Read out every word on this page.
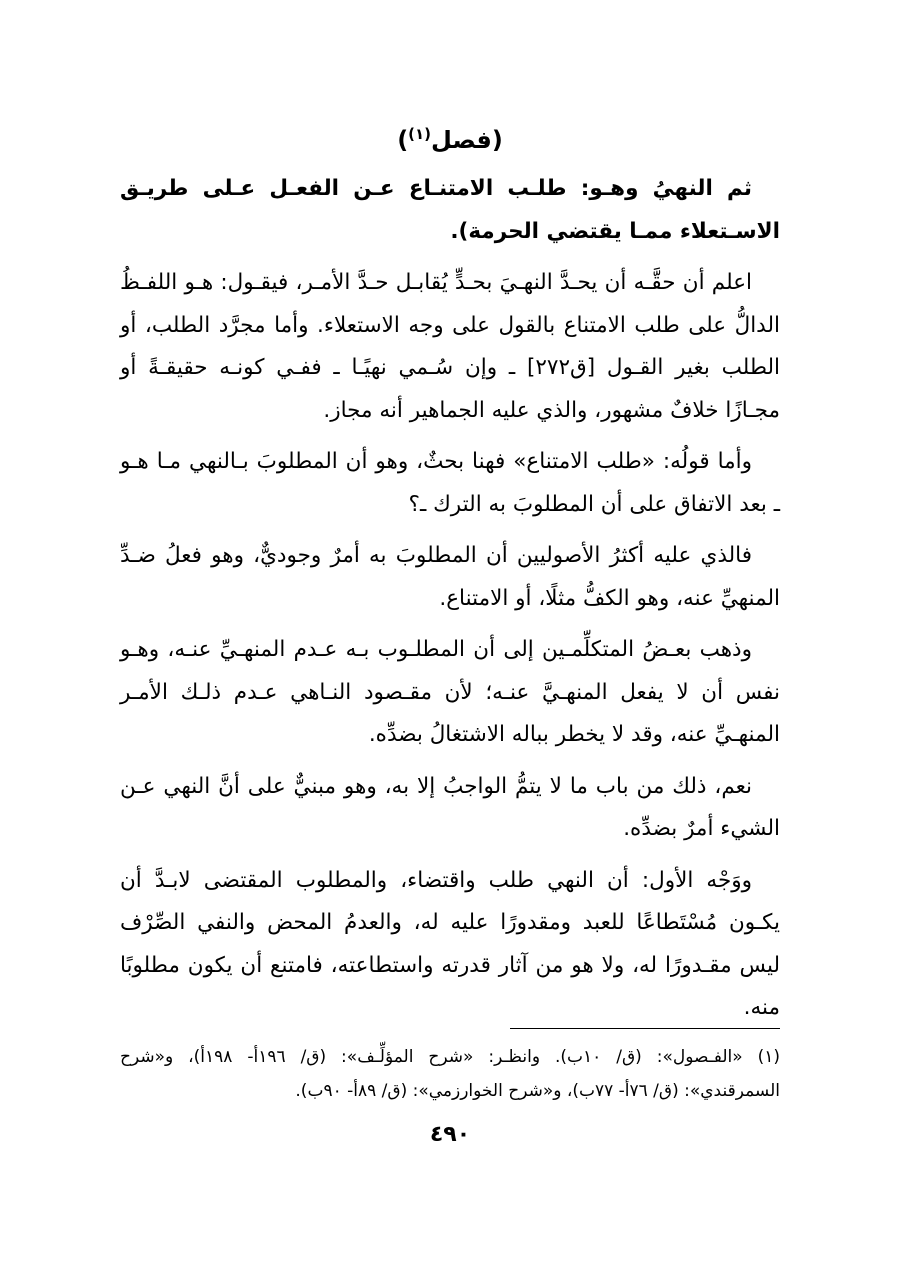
(فصل$^{(١)}$)

ثم النهيُ وهـو: طلـب الامتنـاع عـن الفعـل عـلى طريـق الاسـتعلاء ممـا يقتضي الحرمة).

اعلم أن حقَّـه أن يحـدَّ النهـيَ بحـدٍّ يُقابـل حـدَّ الأمـر، فيقـول: هـو اللفـظُ الدالُّ على طلب الامتناع بالقول على وجه الاستعلاء. وأما مجرَّد الطلب، أو الطلب بغير القـول [ق٢٧٢] ـ وإن سُـمي نهيًـا ـ ففـي كونـه حقيقـةً أو مجـازًا خلافٌ مشهور، والذي عليه الجماهير أنه مجاز.

وأما قولُه: «طلب الامتناع» فهنا بحثٌ، وهو أن المطلوبَ بـالنهي مـا هـو ـ بعد الاتفاق على أن المطلوبَ به الترك ـ؟

فالذي عليه أكثرُ الأصوليين أن المطلوبَ به أمرٌ وجوديٌّ، وهو فعلُ ضـدِّ المنهيِّ عنه، وهو الكفُّ مثلًا، أو الامتناع.

وذهب بعـضُ المتكلِّمـين إلى أن المطلـوب بـه عـدم المنهـيِّ عنـه، وهـو نفس أن لا يفعل المنهـيَّ عنـه؛ لأن مقـصود النـاهي عـدم ذلـك الأمـر المنهـيِّ عنه، وقد لا يخطر بباله الاشتغالُ بضدِّه.

نعم، ذلك من باب ما لا يتمُّ الواجبُ إلا به، وهو مبنيٌّ على أنَّ النهي عـن الشيء أمرٌ بضدِّه.

ووَجْه الأول: أن النهي طلب واقتضاء، والمطلوب المقتضى لابـدَّ أن يكـون مُسْتَطاعًا للعبد ومقدورًا عليه له، والعدمُ المحض والنفي الصِّرْف ليس مقـدورًا له، ولا هو من آثار قدرته واستطاعته، فامتنع أن يكون مطلوبًا منه.

(١) «الفـصول»: (ق/ ١٠ب). وانظـر: «شرح المؤلِّـف»: (ق/ ١٩٦أ- ١٩٨أ)، و«شرح السمرقندي»: (ق/ ٧٦أ- ٧٧ب)، و«شرح الخوارزمي»: (ق/ ٨٩أ- ٩٠ب).

٤٩٠
